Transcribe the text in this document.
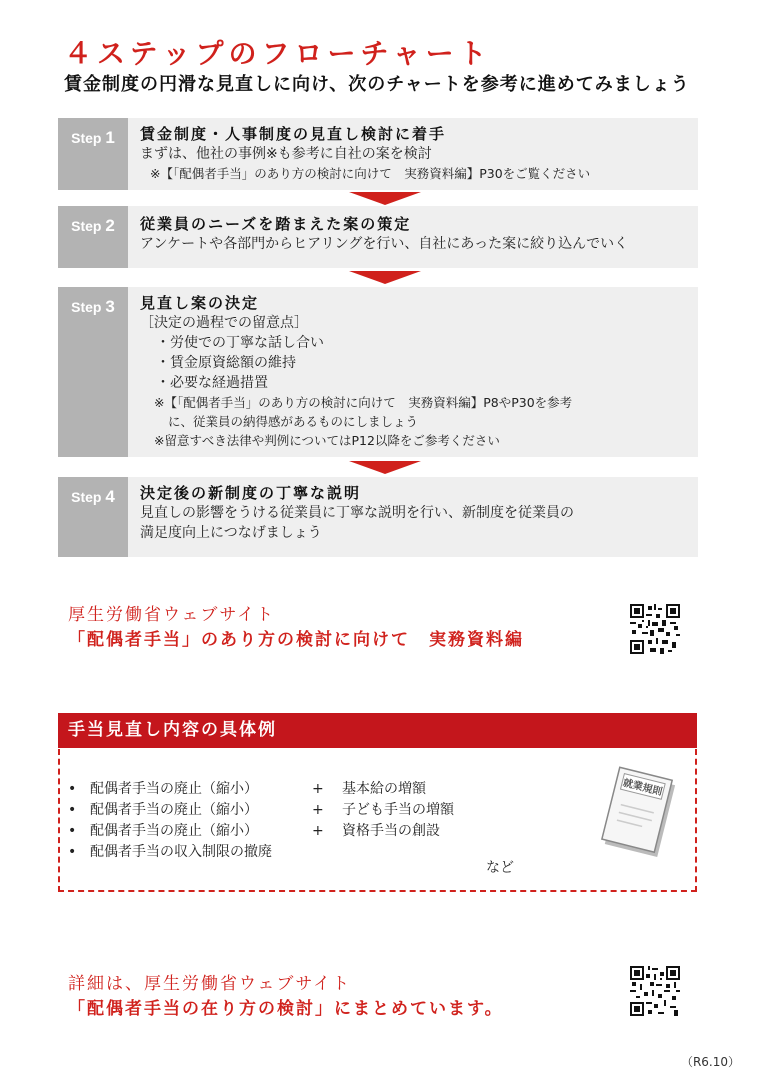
４ステップのフローチャート
賃金制度の円滑な見直しに向け、次のチャートを参考に進めてみましょう
Step 1	賃金制度・人事制度の見直し検討に着手
まずは、他社の事例※も参考に自社の案を検討
※【「配偶者手当」のあり方の検討に向けて　実務資料編】P30をご覧ください
Step 2	従業員のニーズを踏まえた案の策定
アンケートや各部門からヒアリングを行い、自社にあった案に絞り込んでいく
Step 3	見直し案の決定
［決定の過程での留意点］
・労使での丁寧な話し合い
・賃金原資総額の維持
・必要な経過措置
※【「配偶者手当」のあり方の検討に向けて　実務資料編】P8やP30を参考
に、従業員の納得感があるものにしましょう
※留意すべき法律や判例についてはP12以降をご参考ください
Step 4	決定後の新制度の丁寧な説明
見直しの影響をうける従業員に丁寧な説明を行い、新制度を従業員の
満足度向上につなげましょう
厚生労働省ウェブサイト
「配偶者手当」のあり方の検討に向けて　実務資料編
手当見直し内容の具体例
• 配偶者手当の廃止（縮小）	+ 基本給の増額
• 配偶者手当の廃止（縮小）	+ 子ども手当の増額
• 配偶者手当の廃止（縮小）	+ 資格手当の創設
• 配偶者手当の収入制限の撤廃
など
就業規則
詳細は、厚生労働省ウェブサイト
「配偶者手当の在り方の検討」にまとめています。
（R6.10）
